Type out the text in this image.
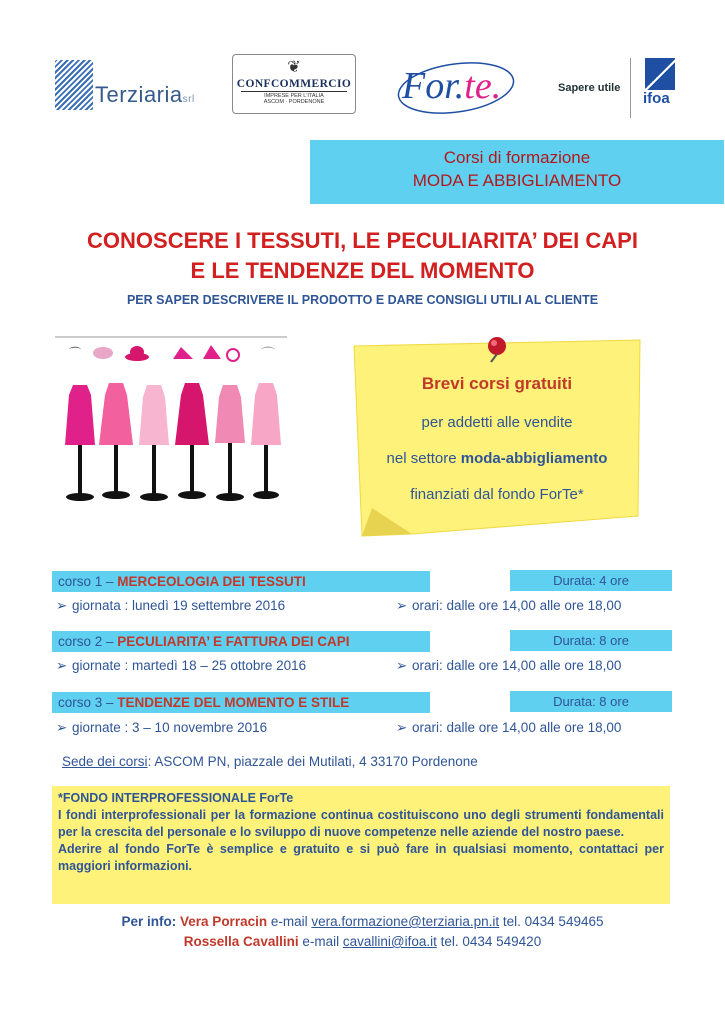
Terziariasrl
❦
CONFCOMMERCIO
IMPRESE PER L'ITALIA
ASCOM · PORDENONE	For.te.	Sapere utile
ifoa
Corsi di formazione
MODA E ABBIGLIAMENTO
CONOSCERE I TESSUTI, LE PECULIARITA’ DEI CAPI
E LE TENDENZE DEL MOMENTO
PER SAPER DESCRIVERE IL PRODOTTO E DARE CONSIGLI UTILI AL CLIENTE
⌒	⌒
Brevi corsi gratuiti
per addetti alle vendite
nel settore moda-abbigliamento
finanziati dal fondo ForTe*
corso 1 – MERCEOLOGIA DEI TESSUTI	Durata: 4 ore
➢ giornata : lunedì 19 settembre 2016	➢ orari: dalle ore 14,00 alle ore 18,00
corso 2 – PECULIARITA’ E FATTURA DEI CAPI	Durata: 8 ore
➢ giornate : martedì 18 – 25 ottobre 2016	➢ orari: dalle ore 14,00 alle ore 18,00
corso 3 – TENDENZE DEL MOMENTO E STILE	Durata: 8 ore
➢ giornate : 3 – 10 novembre 2016	➢ orari: dalle ore 14,00 alle ore 18,00
Sede dei corsi: ASCOM PN, piazzale dei Mutilati, 4 33170 Pordenone

*FONDO INTERPROFESSIONALE ForTe

I fondi interprofessionali per la formazione continua costituiscono uno degli strumenti fondamentali per la crescita del personale e lo sviluppo di nuove competenze nelle aziende del nostro paese.

Aderire al fondo ForTe è semplice e gratuito e si può fare in qualsiasi momento, contattaci per maggiori informazioni.

Per info: Vera Porracin e-mail vera.formazione@terziaria.pn.it tel. 0434 549465
Rossella Cavallini e-mail cavallini@ifoa.it tel. 0434 549420
